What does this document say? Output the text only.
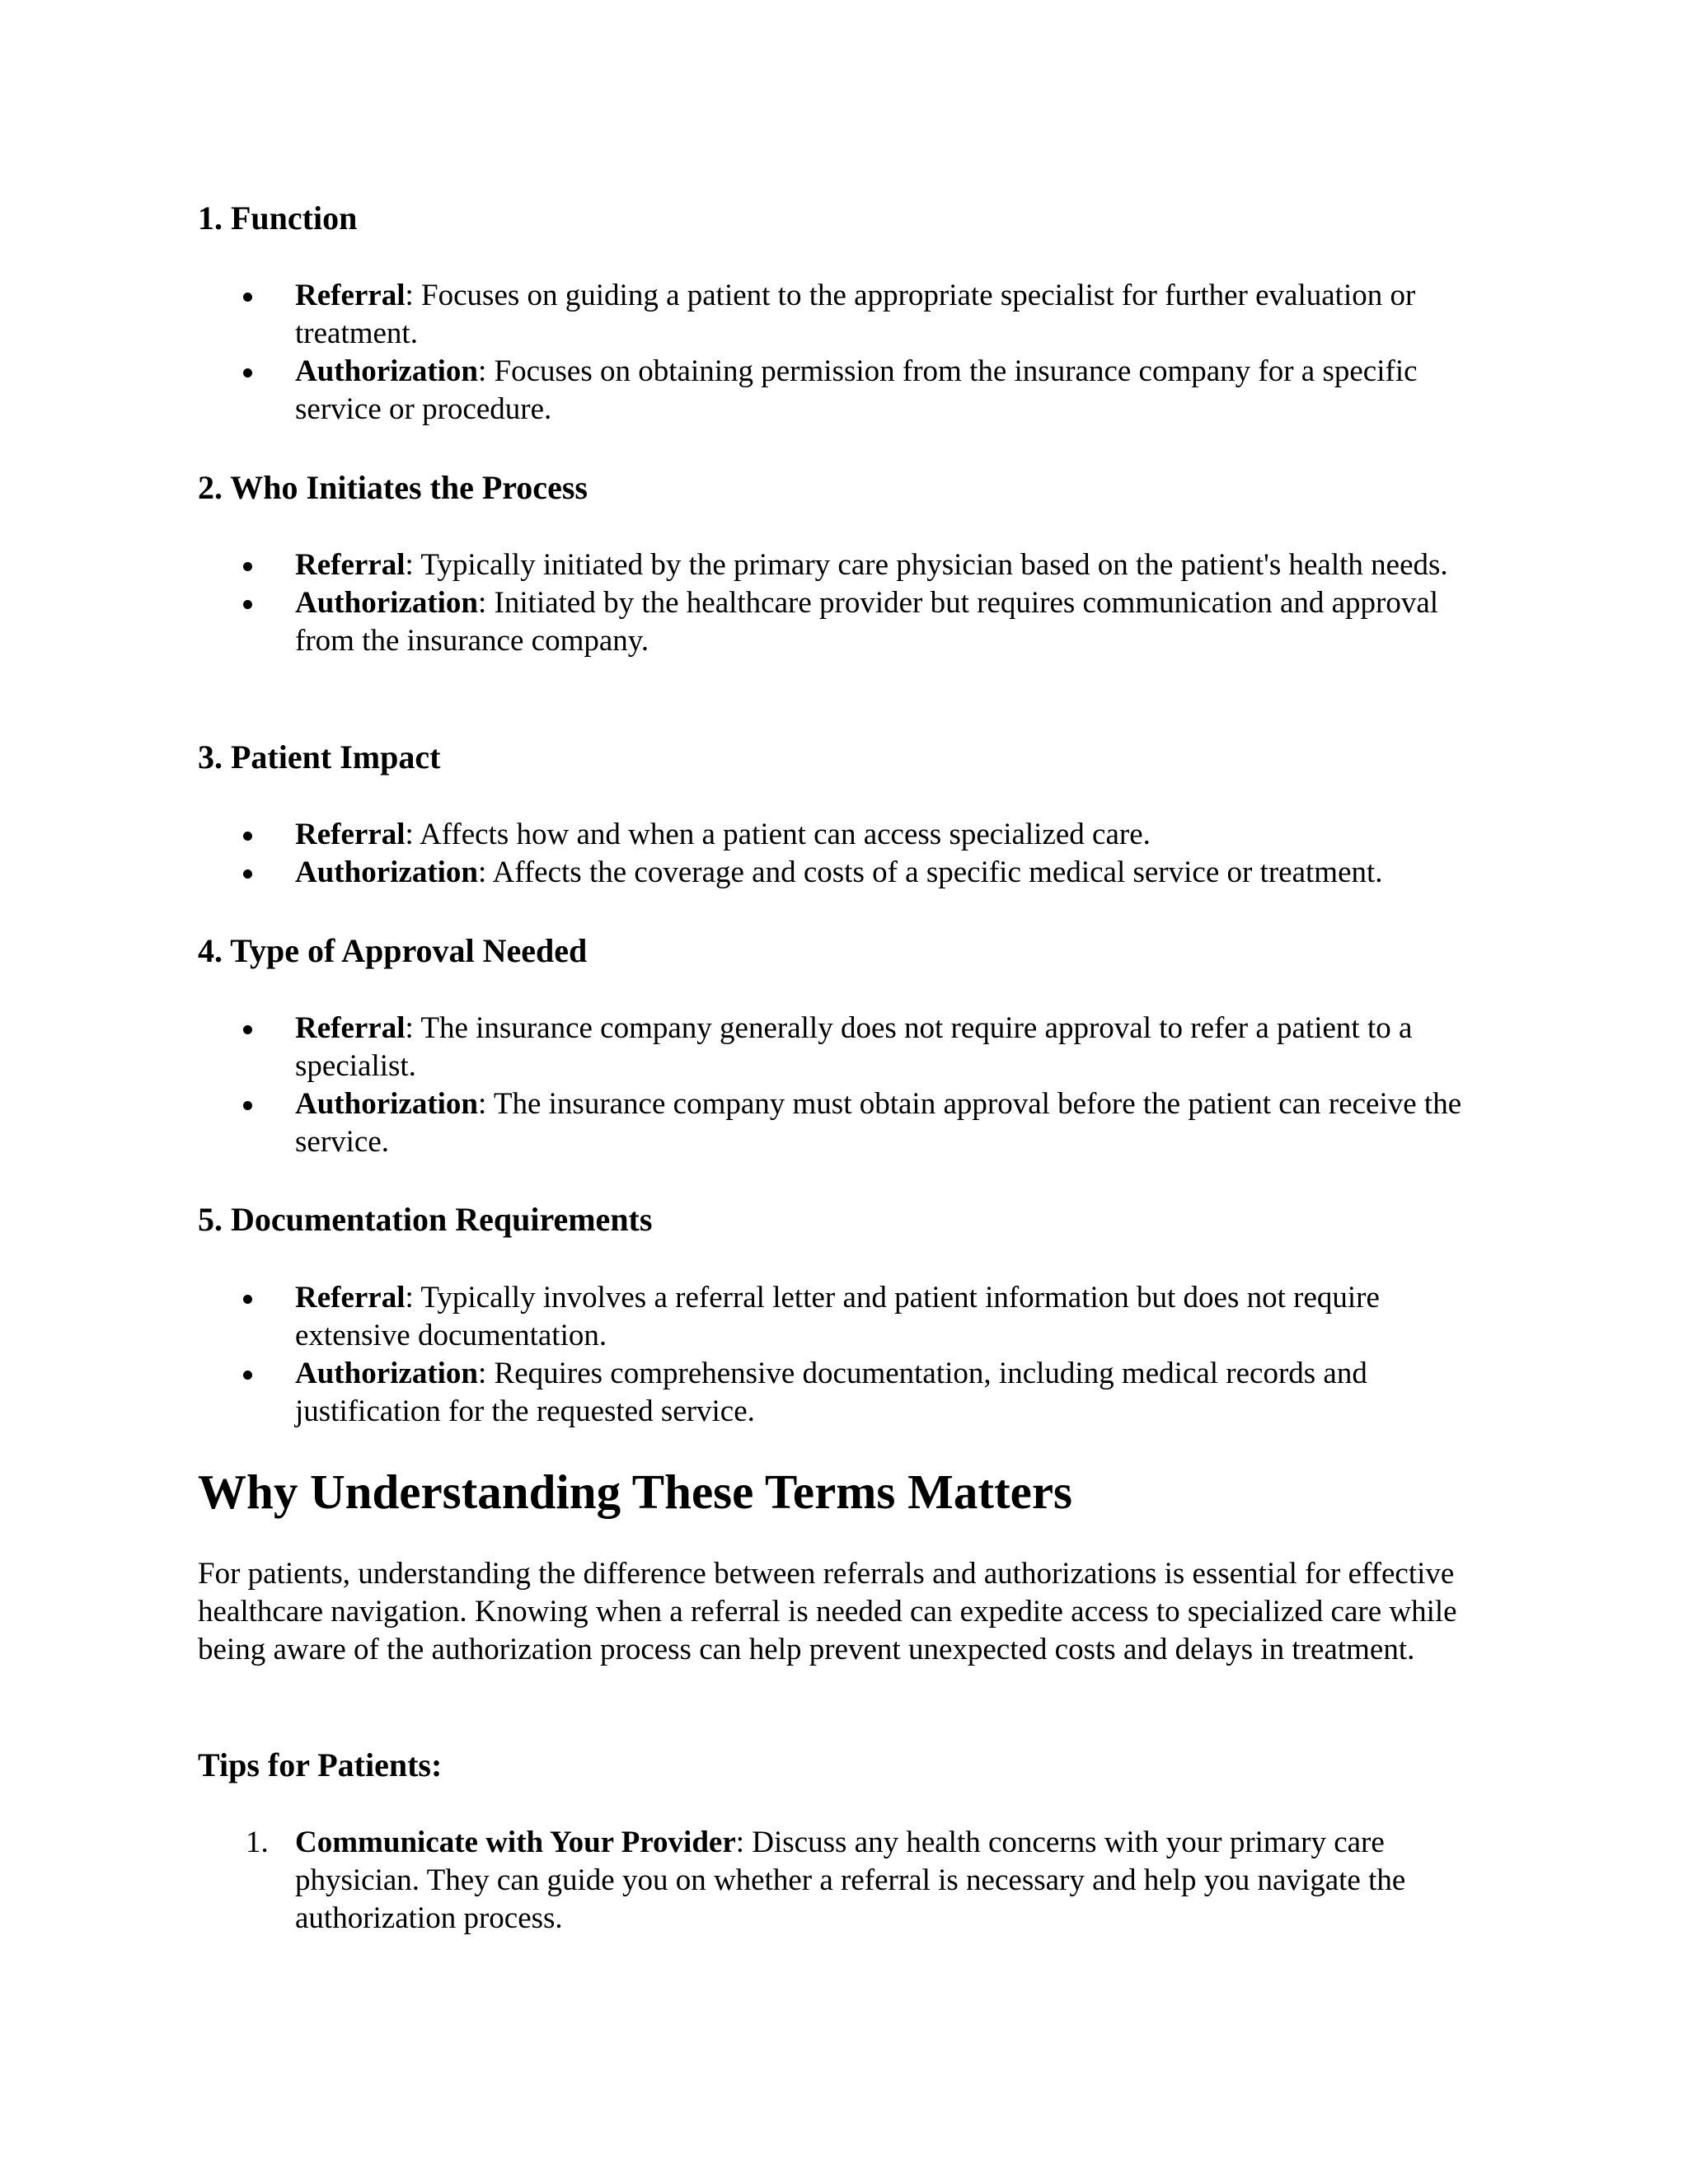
1. Function
Referral: Focuses on guiding a patient to the appropriate specialist for further evaluation or treatment.
Authorization: Focuses on obtaining permission from the insurance company for a specific service or procedure.
2. Who Initiates the Process
Referral: Typically initiated by the primary care physician based on the patient's health needs.
Authorization: Initiated by the healthcare provider but requires communication and approval from the insurance company.
3. Patient Impact
Referral: Affects how and when a patient can access specialized care.
Authorization: Affects the coverage and costs of a specific medical service or treatment.
4. Type of Approval Needed
Referral: The insurance company generally does not require approval to refer a patient to a specialist.
Authorization: The insurance company must obtain approval before the patient can receive the service.
5. Documentation Requirements
Referral: Typically involves a referral letter and patient information but does not require extensive documentation.
Authorization: Requires comprehensive documentation, including medical records and justification for the requested service.
Why Understanding These Terms Matters

For patients, understanding the difference between referrals and authorizations is essential for effective healthcare navigation. Knowing when a referral is needed can expedite access to specialized care while being aware of the authorization process can help prevent unexpected costs and delays in treatment.

Tips for Patients:
1. Communicate with Your Provider: Discuss any health concerns with your primary care physician. They can guide you on whether a referral is necessary and help you navigate the authorization process.
